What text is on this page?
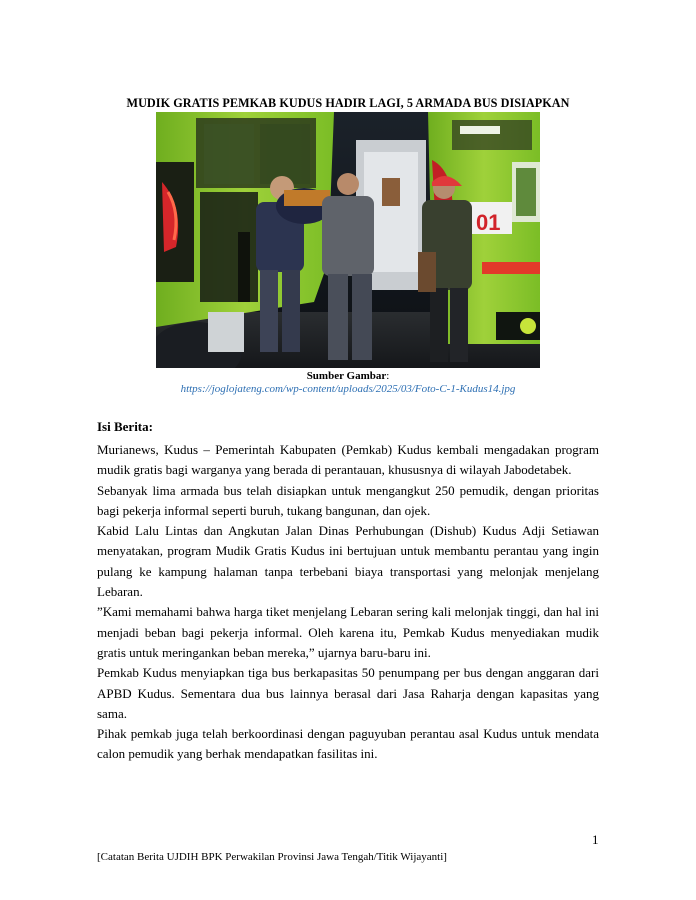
MUDIK GRATIS PEMKAB KUDUS HADIR LAGI, 5 ARMADA BUS DISIAPKAN
01
Sumber Gambar:
https://joglojateng.com/wp-content/uploads/2025/03/Foto-C-1-Kudus14.jpg
Isi Berita:

Murianews, Kudus – Pemerintah Kabupaten (Pemkab) Kudus kembali mengadakan program mudik gratis bagi warganya yang berada di perantauan, khususnya di wilayah Jabodetabek.

Sebanyak lima armada bus telah disiapkan untuk mengangkut 250 pemudik, dengan prioritas bagi pekerja informal seperti buruh, tukang bangunan, dan ojek.

Kabid Lalu Lintas dan Angkutan Jalan Dinas Perhubungan (Dishub) Kudus Adji Setiawan menyatakan, program Mudik Gratis Kudus ini bertujuan untuk membantu perantau yang ingin pulang ke kampung halaman tanpa terbebani biaya transportasi yang melonjak menjelang Lebaran.

”Kami memahami bahwa harga tiket menjelang Lebaran sering kali melonjak tinggi, dan hal ini menjadi beban bagi pekerja informal. Oleh karena itu, Pemkab Kudus menyediakan mudik gratis untuk meringankan beban mereka,” ujarnya baru-baru ini.

Pemkab Kudus menyiapkan tiga bus berkapasitas 50 penumpang per bus dengan anggaran dari APBD Kudus. Sementara dua bus lainnya berasal dari Jasa Raharja dengan kapasitas yang sama.

Pihak pemkab juga telah berkoordinasi dengan paguyuban perantau asal Kudus untuk mendata calon pemudik yang berhak mendapatkan fasilitas ini.

1
[Catatan Berita UJDIH BPK Perwakilan Provinsi Jawa Tengah/Titik Wijayanti]
